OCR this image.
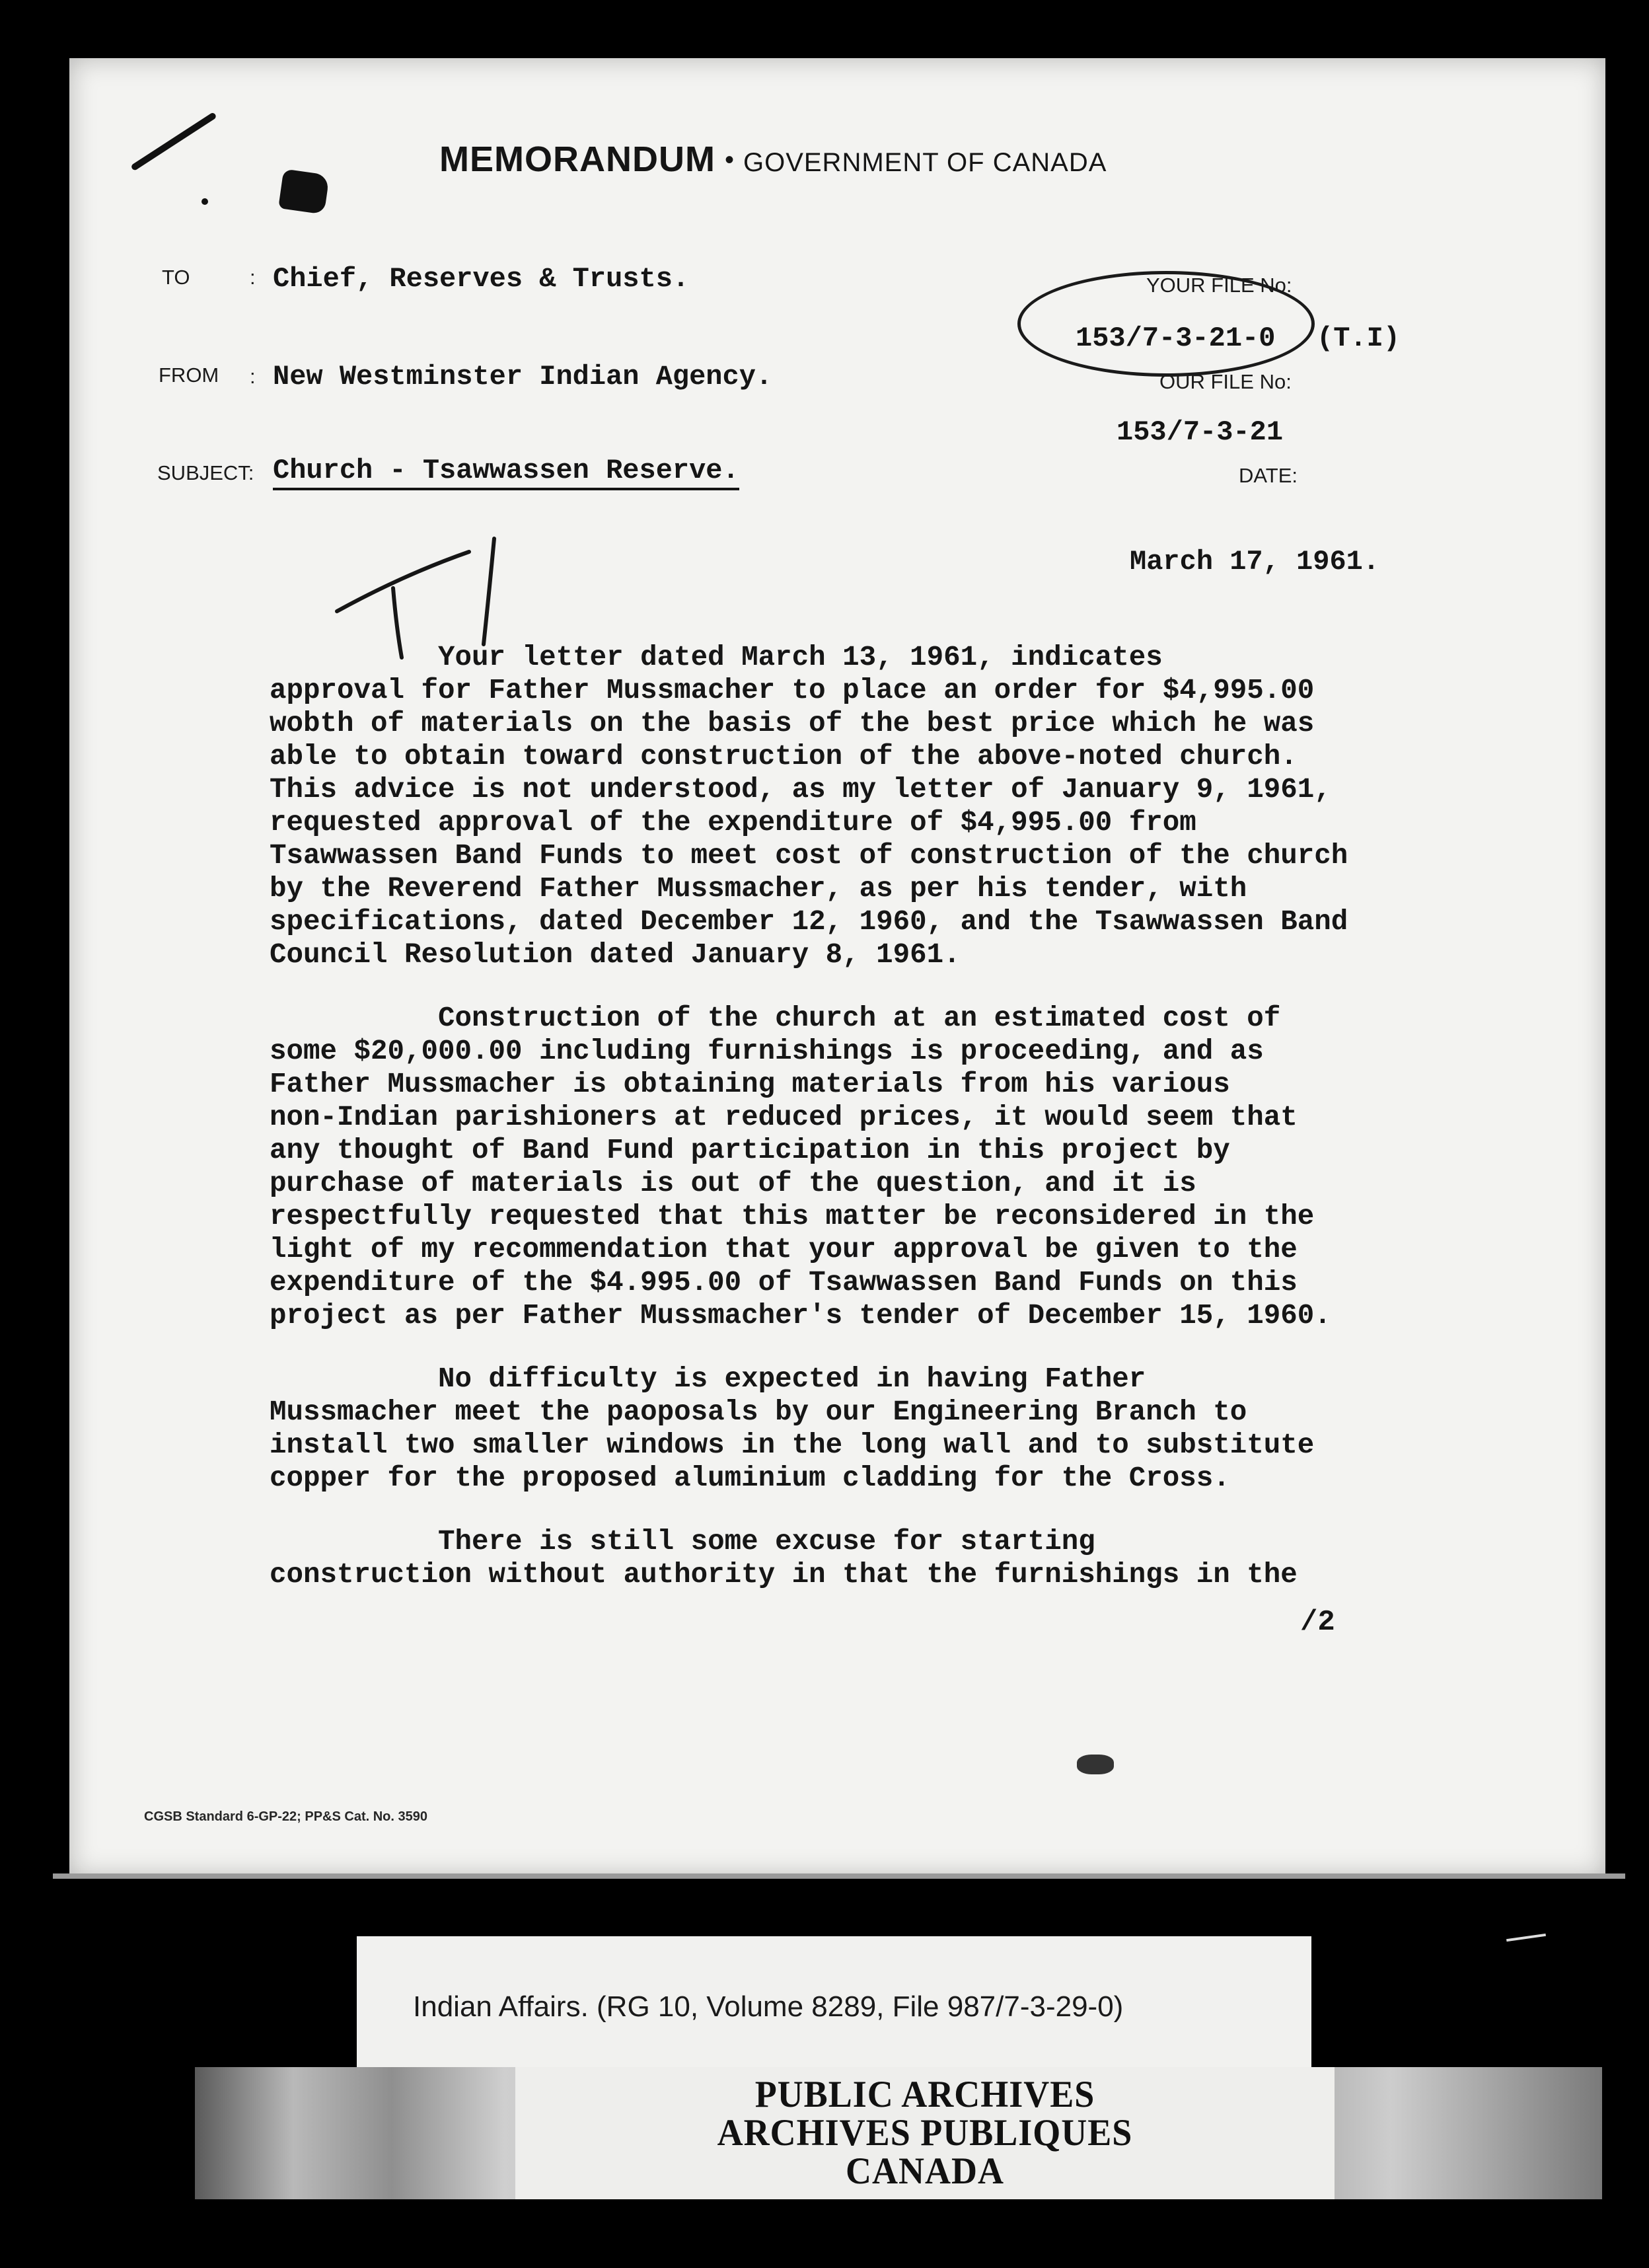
MEMORANDUM • GOVERNMENT OF CANADA
TO	: Chief, Reserves & Trusts.
FROM : New Westminster Indian Agency.
SUBJECT: Church - Tsawwassen Reserve.
YOUR FILE No:
153/7-3-21-0 (T.I)
OUR FILE No:
153/7-3-21
DATE:
March 17, 1961.
Your letter dated March 13, 1961, indicates
approval for Father Mussmacher to place an order for $4,995.00
wobth of materials on the basis of the best price which he was
able to obtain toward construction of the above-noted church.
This advice is not understood, as my letter of January 9, 1961,
requested approval of the expenditure of $4,995.00 from
Tsawwassen Band Funds to meet cost of construction of the church
by the Reverend Father Mussmacher, as per his tender, with
specifications, dated December 12, 1960, and the Tsawwassen Band
Council Resolution dated January 8, 1961.
Construction of the church at an estimated cost of
some $20,000.00 including furnishings is proceeding, and as
Father Mussmacher is obtaining materials from his various
non-Indian parishioners at reduced prices, it would seem that
any thought of Band Fund participation in this project by
purchase of materials is out of the question, and it is
respectfully requested that this matter be reconsidered in the
light of my recommendation that your approval be given to the
expenditure of the $4.995.00 of Tsawwassen Band Funds on this
project as per Father Mussmacher's tender of December 15, 1960.
No difficulty is expected in having Father
Mussmacher meet the paoposals by our Engineering Branch to
install two smaller windows in the long wall and to substitute
copper for the proposed aluminium cladding for the Cross.
There is still some excuse for starting
construction without authority in that the furnishings in the
/2
CGSB Standard 6-GP-22; PP&S Cat. No. 3590
Indian Affairs. (RG 10, Volume 8289, File 987/7-3-29-0)
PUBLIC ARCHIVES
ARCHIVES PUBLIQUES
CANADA
